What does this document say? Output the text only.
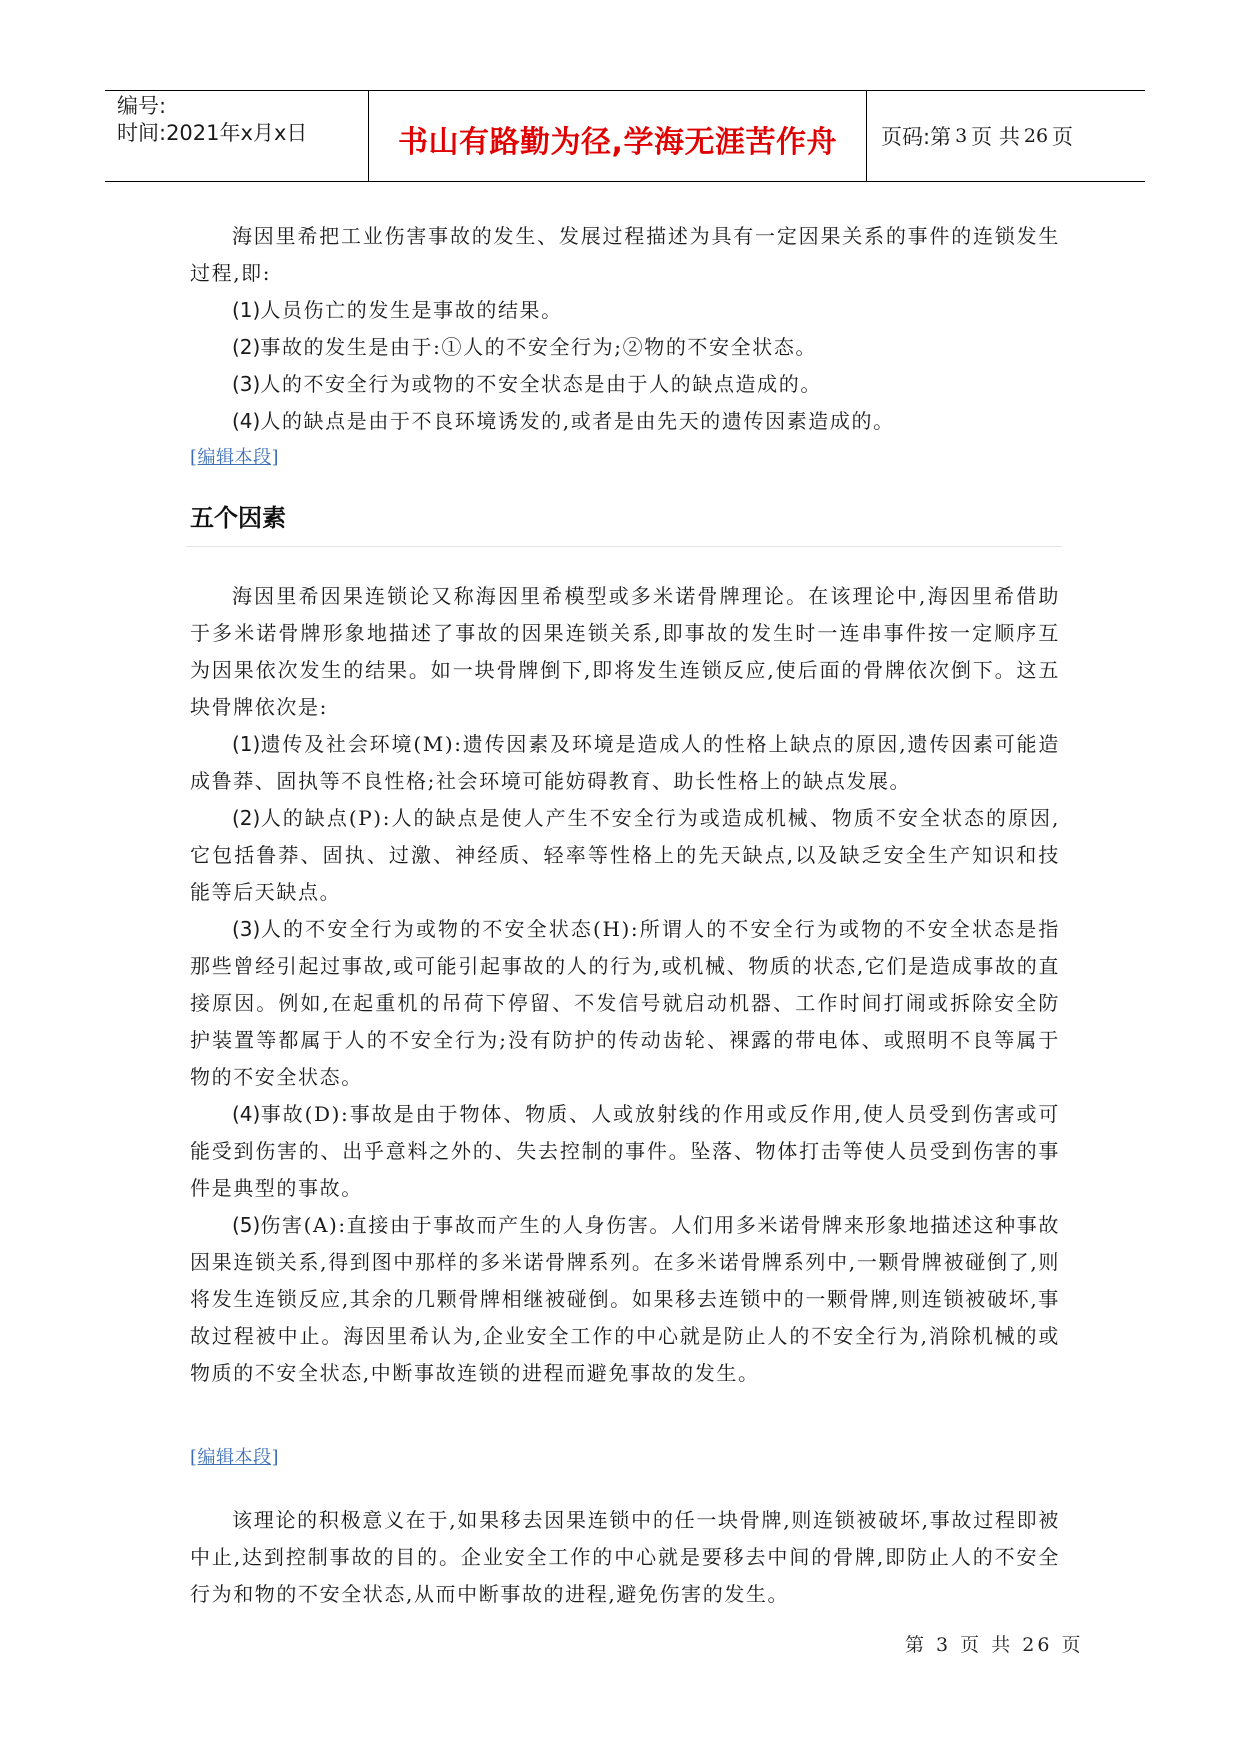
编号:
时间:2021年x月x日	书山有路勤为径,学海无涯苦作舟 页码:第 3 页 共 26 页
海因里希把工业伤害事故的发生、发展过程描述为具有一定因果关系的事件的连锁发生过程,即:
(1)人员伤亡的发生是事故的结果。
(2)事故的发生是由于:①人的不安全行为;②物的不安全状态。
(3)人的不安全行为或物的不安全状态是由于人的缺点造成的。
(4)人的缺点是由于不良环境诱发的,或者是由先天的遗传因素造成的。
[编辑本段]
五个因素
海因里希因果连锁论又称海因里希模型或多米诺骨牌理论。在该理论中,海因里希借助于多米诺骨牌形象地描述了事故的因果连锁关系,即事故的发生时一连串事件按一定顺序互为因果依次发生的结果。如一块骨牌倒下,即将发生连锁反应,使后面的骨牌依次倒下。这五块骨牌依次是:
(1)遗传及社会环境(M):遗传因素及环境是造成人的性格上缺点的原因,遗传因素可能造成鲁莽、固执等不良性格;社会环境可能妨碍教育、助长性格上的缺点发展。
(2)人的缺点(P):人的缺点是使人产生不安全行为或造成机械、物质不安全状态的原因,它包括鲁莽、固执、过激、神经质、轻率等性格上的先天缺点,以及缺乏安全生产知识和技能等后天缺点。
(3)人的不安全行为或物的不安全状态(H):所谓人的不安全行为或物的不安全状态是指那些曾经引起过事故,或可能引起事故的人的行为,或机械、物质的状态,它们是造成事故的直接原因。例如,在起重机的吊荷下停留、不发信号就启动机器、工作时间打闹或拆除安全防护装置等都属于人的不安全行为;没有防护的传动齿轮、裸露的带电体、或照明不良等属于物的不安全状态。
(4)事故(D):事故是由于物体、物质、人或放射线的作用或反作用,使人员受到伤害或可能受到伤害的、出乎意料之外的、失去控制的事件。坠落、物体打击等使人员受到伤害的事件是典型的事故。
(5)伤害(A):直接由于事故而产生的人身伤害。人们用多米诺骨牌来形象地描述这种事故因果连锁关系,得到图中那样的多米诺骨牌系列。在多米诺骨牌系列中,一颗骨牌被碰倒了,则将发生连锁反应,其余的几颗骨牌相继被碰倒。如果移去连锁中的一颗骨牌,则连锁被破坏,事故过程被中止。海因里希认为,企业安全工作的中心就是防止人的不安全行为,消除机械的或物质的不安全状态,中断事故连锁的进程而避免事故的发生。
[编辑本段]
该理论的积极意义在于,如果移去因果连锁中的任一块骨牌,则连锁被破坏,事故过程即被中止,达到控制事故的目的。企业安全工作的中心就是要移去中间的骨牌,即防止人的不安全行为和物的不安全状态,从而中断事故的进程,避免伤害的发生。
第 3 页 共 26 页
